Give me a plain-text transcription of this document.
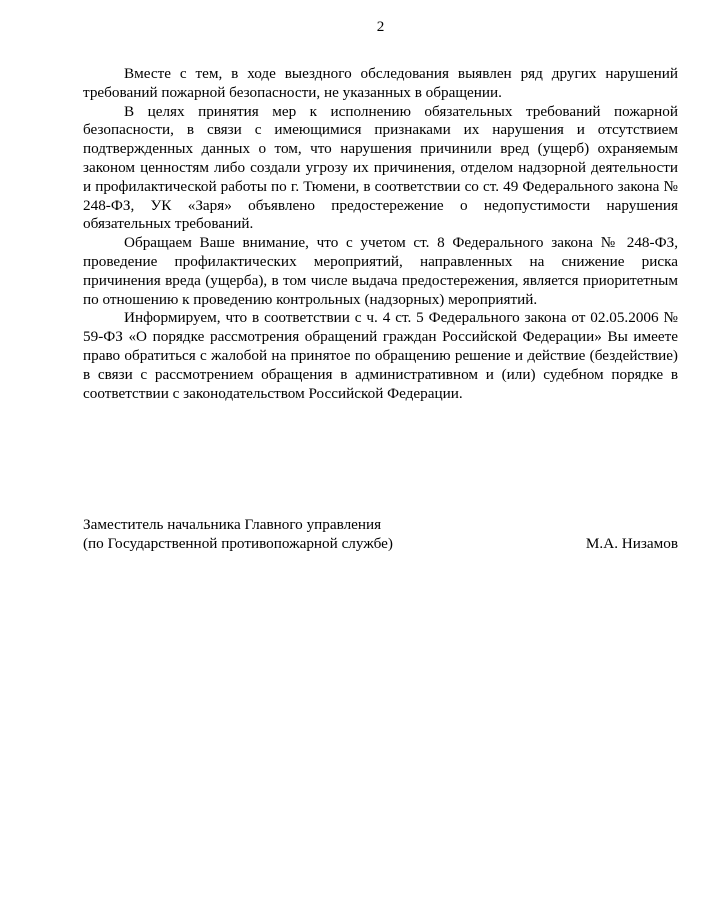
2

Вместе с тем, в ходе выездного обследования выявлен ряд других нарушений требований пожарной безопасности, не указанных в обращении.

В целях принятия мер к исполнению обязательных требований пожарной безопасности, в связи с имеющимися признаками их нарушения и отсутствием подтвержденных данных о том, что нарушения причинили вред (ущерб) охраняемым законом ценностям либо создали угрозу их причинения, отделом надзорной деятельности и профилактической работы по г. Тюмени, в соответствии со ст. 49 Федерального закона № 248-ФЗ, УК «Заря» объявлено предостережение о недопустимости нарушения обязательных требований.

Обращаем Ваше внимание, что с учетом ст. 8 Федерального закона № 248-ФЗ, проведение профилактических мероприятий, направленных на снижение риска причинения вреда (ущерба), в том числе выдача предостережения, является приоритетным по отношению к проведению контрольных (надзорных) мероприятий.

Информируем, что в соответствии с ч. 4 ст. 5 Федерального закона от 02.05.2006 № 59-ФЗ «О порядке рассмотрения обращений граждан Российской Федерации» Вы имеете право обратиться с жалобой на принятое по обращению решение и действие (бездействие) в связи с рассмотрением обращения в административном и (или) судебном порядке в соответствии с законодательством Российской Федерации.

Заместитель начальника Главного управления
(по Государственной противопожарной службе)	М.А. Низамов
